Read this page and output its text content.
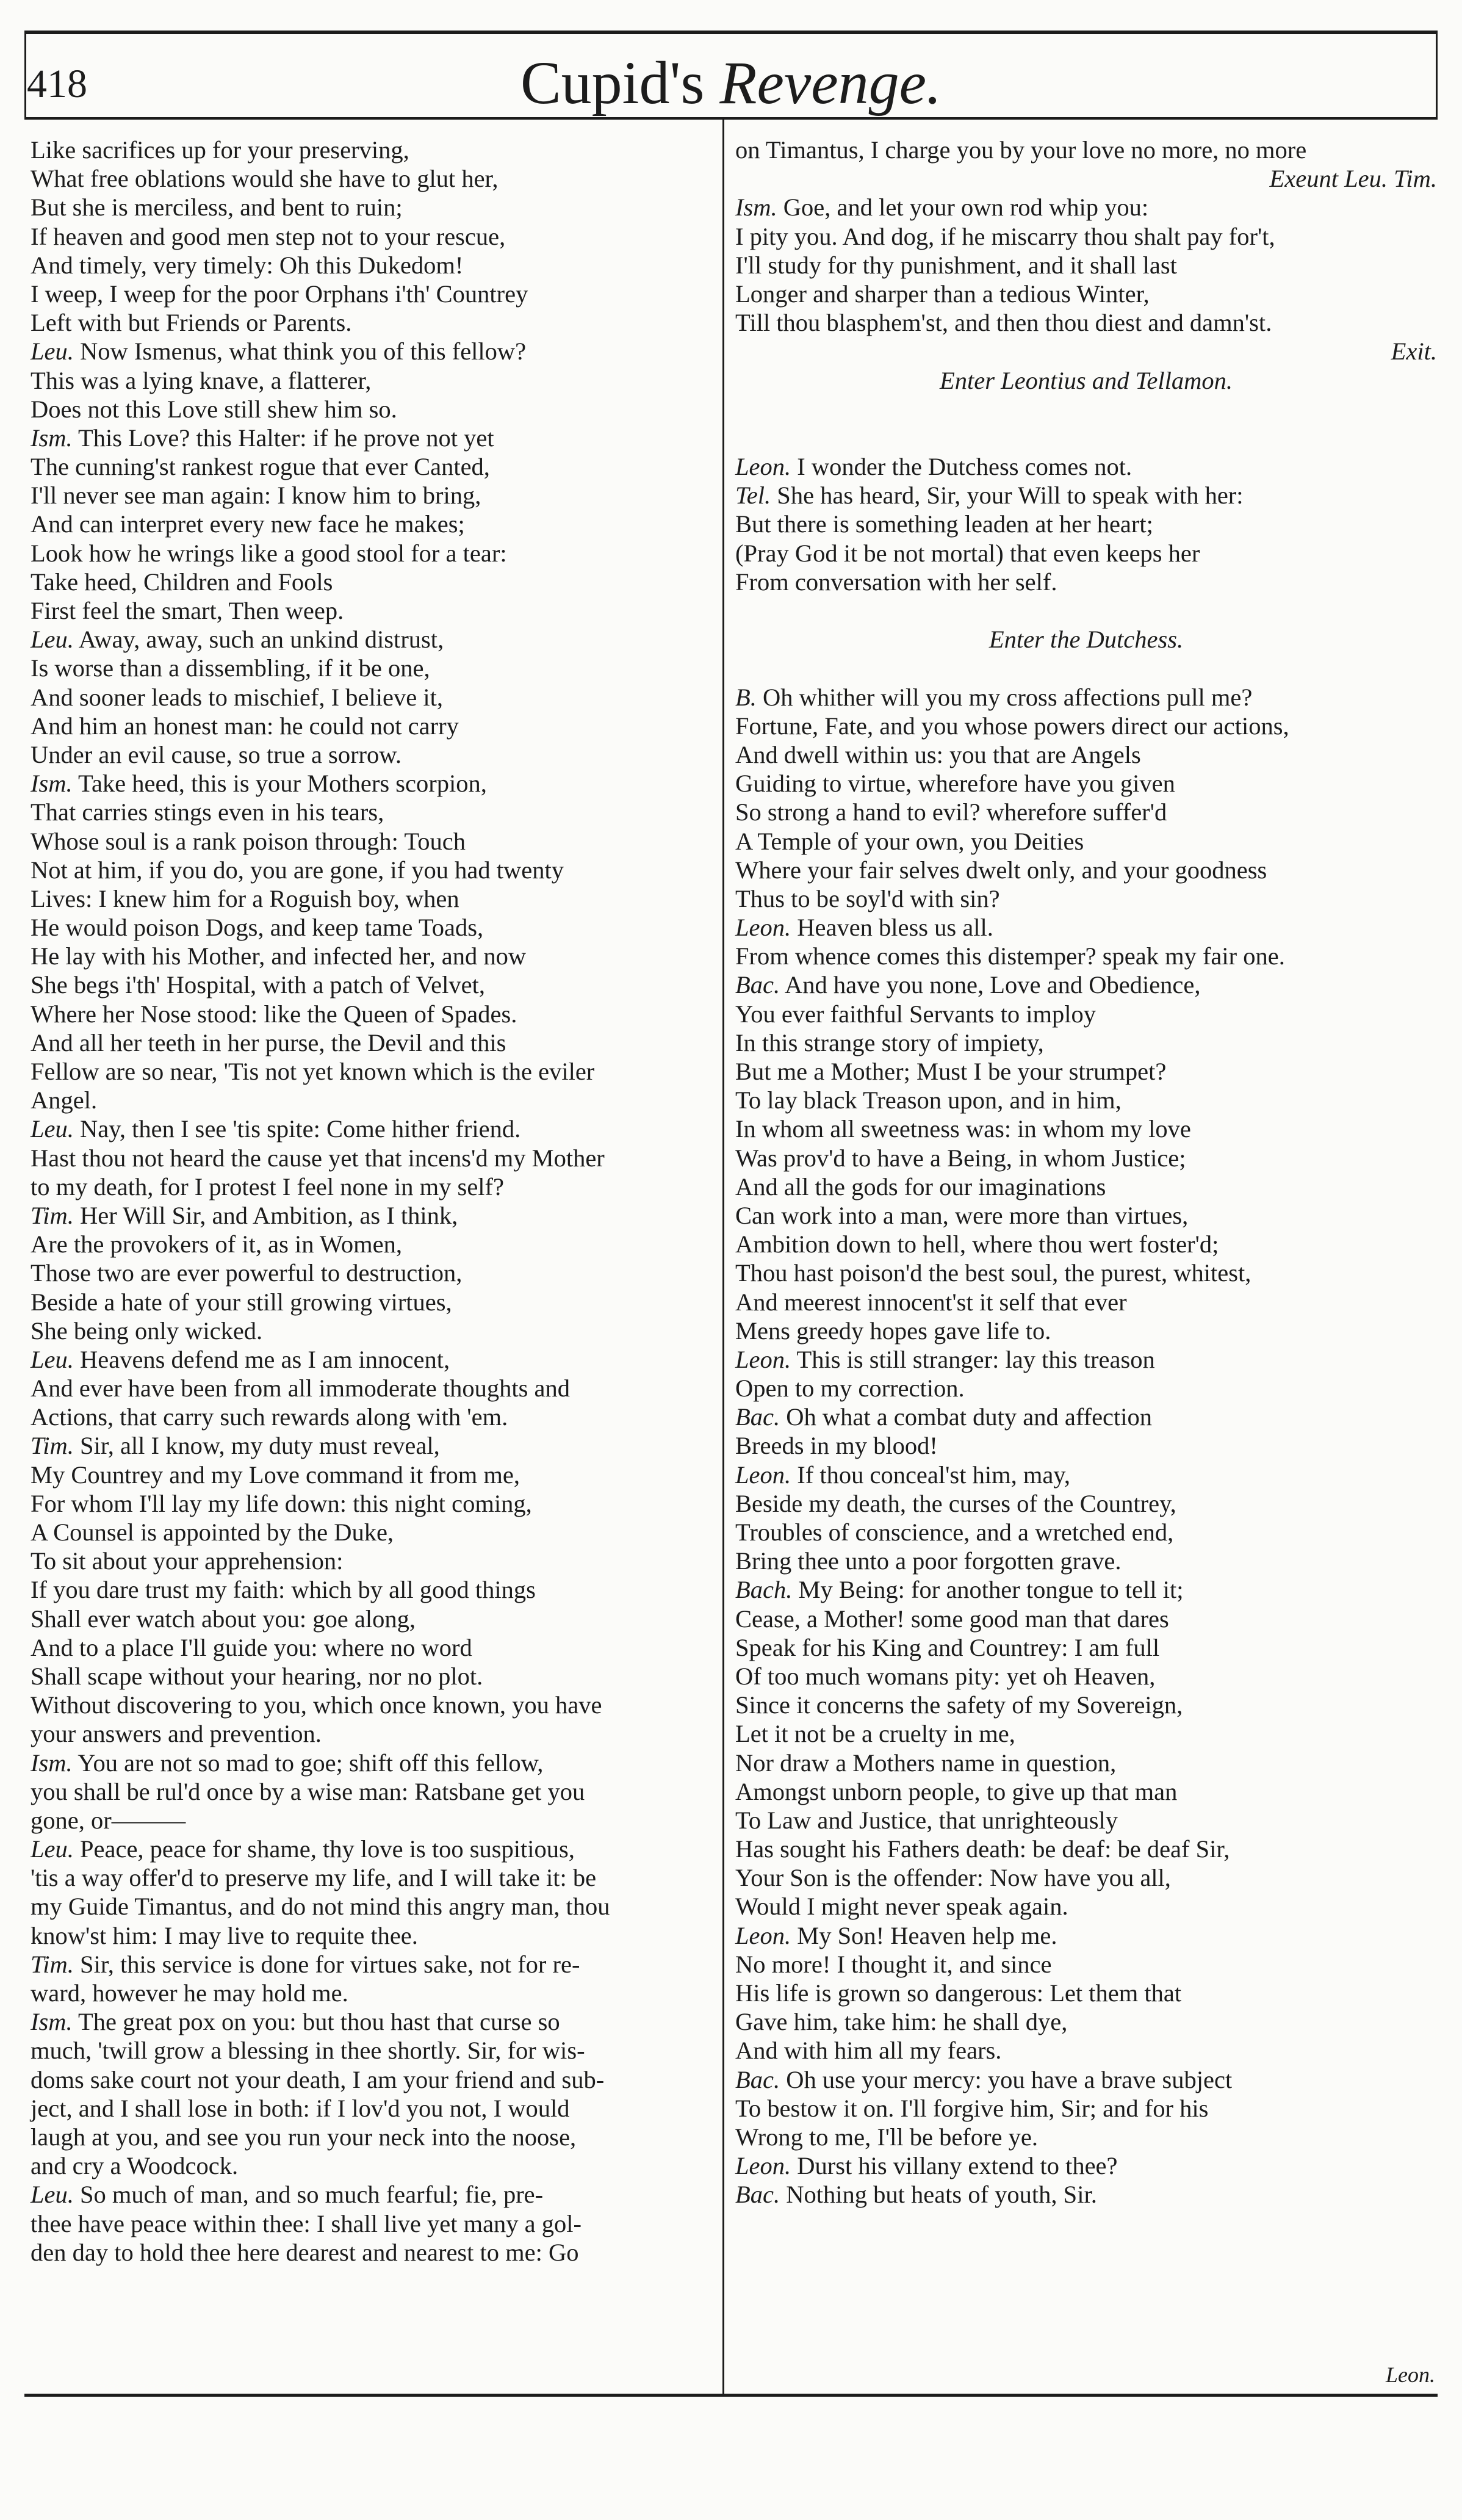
418	Cupid's Revenge.
Like sacrifices up for your preserving,
What free oblations would she have to glut her,
But she is merciless, and bent to ruin;
If heaven and good men step not to your rescue,
And timely, very timely: Oh this Dukedom!
I weep, I weep for the poor Orphans i'th' Countrey
Left with but Friends or Parents.
Leu. Now Ismenus, what think you of this fellow?
This was a lying knave, a flatterer,
Does not this Love still shew him so.
Ism. This Love? this Halter: if he prove not yet
The cunning'st rankest rogue that ever Canted,
I'll never see man again: I know him to bring,
And can interpret every new face he makes;
Look how he wrings like a good stool for a tear:
Take heed, Children and Fools
First feel the smart, Then weep.
Leu. Away, away, such an unkind distrust,
Is worse than a dissembling, if it be one,
And sooner leads to mischief, I believe it,
And him an honest man: he could not carry
Under an evil cause, so true a sorrow.
Ism. Take heed, this is your Mothers scorpion,
That carries stings even in his tears,
Whose soul is a rank poison through: Touch
Not at him, if you do, you are gone, if you had twenty
Lives: I knew him for a Roguish boy, when
He would poison Dogs, and keep tame Toads,
He lay with his Mother, and infected her, and now
She begs i'th' Hospital, with a patch of Velvet,
Where her Nose stood: like the Queen of Spades.
And all her teeth in her purse, the Devil and this
Fellow are so near, 'Tis not yet known which is the eviler
Angel.
Leu. Nay, then I see 'tis spite: Come hither friend.
Hast thou not heard the cause yet that incens'd my Mother
to my death, for I protest I feel none in my self?
Tim. Her Will Sir, and Ambition, as I think,
Are the provokers of it, as in Women,
Those two are ever powerful to destruction,
Beside a hate of your still growing virtues,
She being only wicked.
Leu. Heavens defend me as I am innocent,
And ever have been from all immoderate thoughts and
Actions, that carry such rewards along with 'em.
Tim. Sir, all I know, my duty must reveal,
My Countrey and my Love command it from me,
For whom I'll lay my life down: this night coming,
A Counsel is appointed by the Duke,
To sit about your apprehension:
If you dare trust my faith: which by all good things
Shall ever watch about you: goe along,
And to a place I'll guide you: where no word
Shall scape without your hearing, nor no plot.
Without discovering to you, which once known, you have
your answers and prevention.
Ism. You are not so mad to goe; shift off this fellow,
you shall be rul'd once by a wise man: Ratsbane get you
gone, or———
Leu. Peace, peace for shame, thy love is too suspitious,
'tis a way offer'd to preserve my life, and I will take it: be
my Guide Timantus, and do not mind this angry man, thou
know'st him: I may live to requite thee.
Tim. Sir, this service is done for virtues sake, not for re-
ward, however he may hold me.
Ism. The great pox on you: but thou hast that curse so
much, 'twill grow a blessing in thee shortly. Sir, for wis-
doms sake court not your death, I am your friend and sub-
ject, and I shall lose in both: if I lov'd you not, I would
laugh at you, and see you run your neck into the noose,
and cry a Woodcock.
Leu. So much of man, and so much fearful; fie, pre-
thee have peace within thee: I shall live yet many a gol-
den day to hold thee here dearest and nearest to me: Go
on Timantus, I charge you by your love no more, no more
Exeunt Leu. Tim.
Ism. Goe, and let your own rod whip you:
I pity you. And dog, if he miscarry thou shalt pay for't,
I'll study for thy punishment, and it shall last
Longer and sharper than a tedious Winter,
Till thou blasphem'st, and then thou diest and damn'st.
Exit.
Enter Leontius and Tellamon.
Leon. I wonder the Dutchess comes not.
Tel. She has heard, Sir, your Will to speak with her:
But there is something leaden at her heart;
(Pray God it be not mortal) that even keeps her
From conversation with her self.
Enter the Dutchess.
B. Oh whither will you my cross affections pull me?
Fortune, Fate, and you whose powers direct our actions,
And dwell within us: you that are Angels
Guiding to virtue, wherefore have you given
So strong a hand to evil? wherefore suffer'd
A Temple of your own, you Deities
Where your fair selves dwelt only, and your goodness
Thus to be soyl'd with sin?
Leon. Heaven bless us all.
From whence comes this distemper? speak my fair one.
Bac. And have you none, Love and Obedience,
You ever faithful Servants to imploy
In this strange story of impiety,
But me a Mother; Must I be your strumpet?
To lay black Treason upon, and in him,
In whom all sweetness was: in whom my love
Was prov'd to have a Being, in whom Justice;
And all the gods for our imaginations
Can work into a man, were more than virtues,
Ambition down to hell, where thou wert foster'd;
Thou hast poison'd the best soul, the purest, whitest,
And meerest innocent'st it self that ever
Mens greedy hopes gave life to.
Leon. This is still stranger: lay this treason
Open to my correction.
Bac. Oh what a combat duty and affection
Breeds in my blood!
Leon. If thou conceal'st him, may,
Beside my death, the curses of the Countrey,
Troubles of conscience, and a wretched end,
Bring thee unto a poor forgotten grave.
Bach. My Being: for another tongue to tell it;
Cease, a Mother! some good man that dares
Speak for his King and Countrey: I am full
Of too much womans pity: yet oh Heaven,
Since it concerns the safety of my Sovereign,
Let it not be a cruelty in me,
Nor draw a Mothers name in question,
Amongst unborn people, to give up that man
To Law and Justice, that unrighteously
Has sought his Fathers death: be deaf: be deaf Sir,
Your Son is the offender: Now have you all,
Would I might never speak again.
Leon. My Son! Heaven help me.
No more! I thought it, and since
His life is grown so dangerous: Let them that
Gave him, take him: he shall dye,
And with him all my fears.
Bac. Oh use your mercy: you have a brave subject
To bestow it on. I'll forgive him, Sir; and for his
Wrong to me, I'll be before ye.
Leon. Durst his villany extend to thee?
Bac. Nothing but heats of youth, Sir.
Leon.
